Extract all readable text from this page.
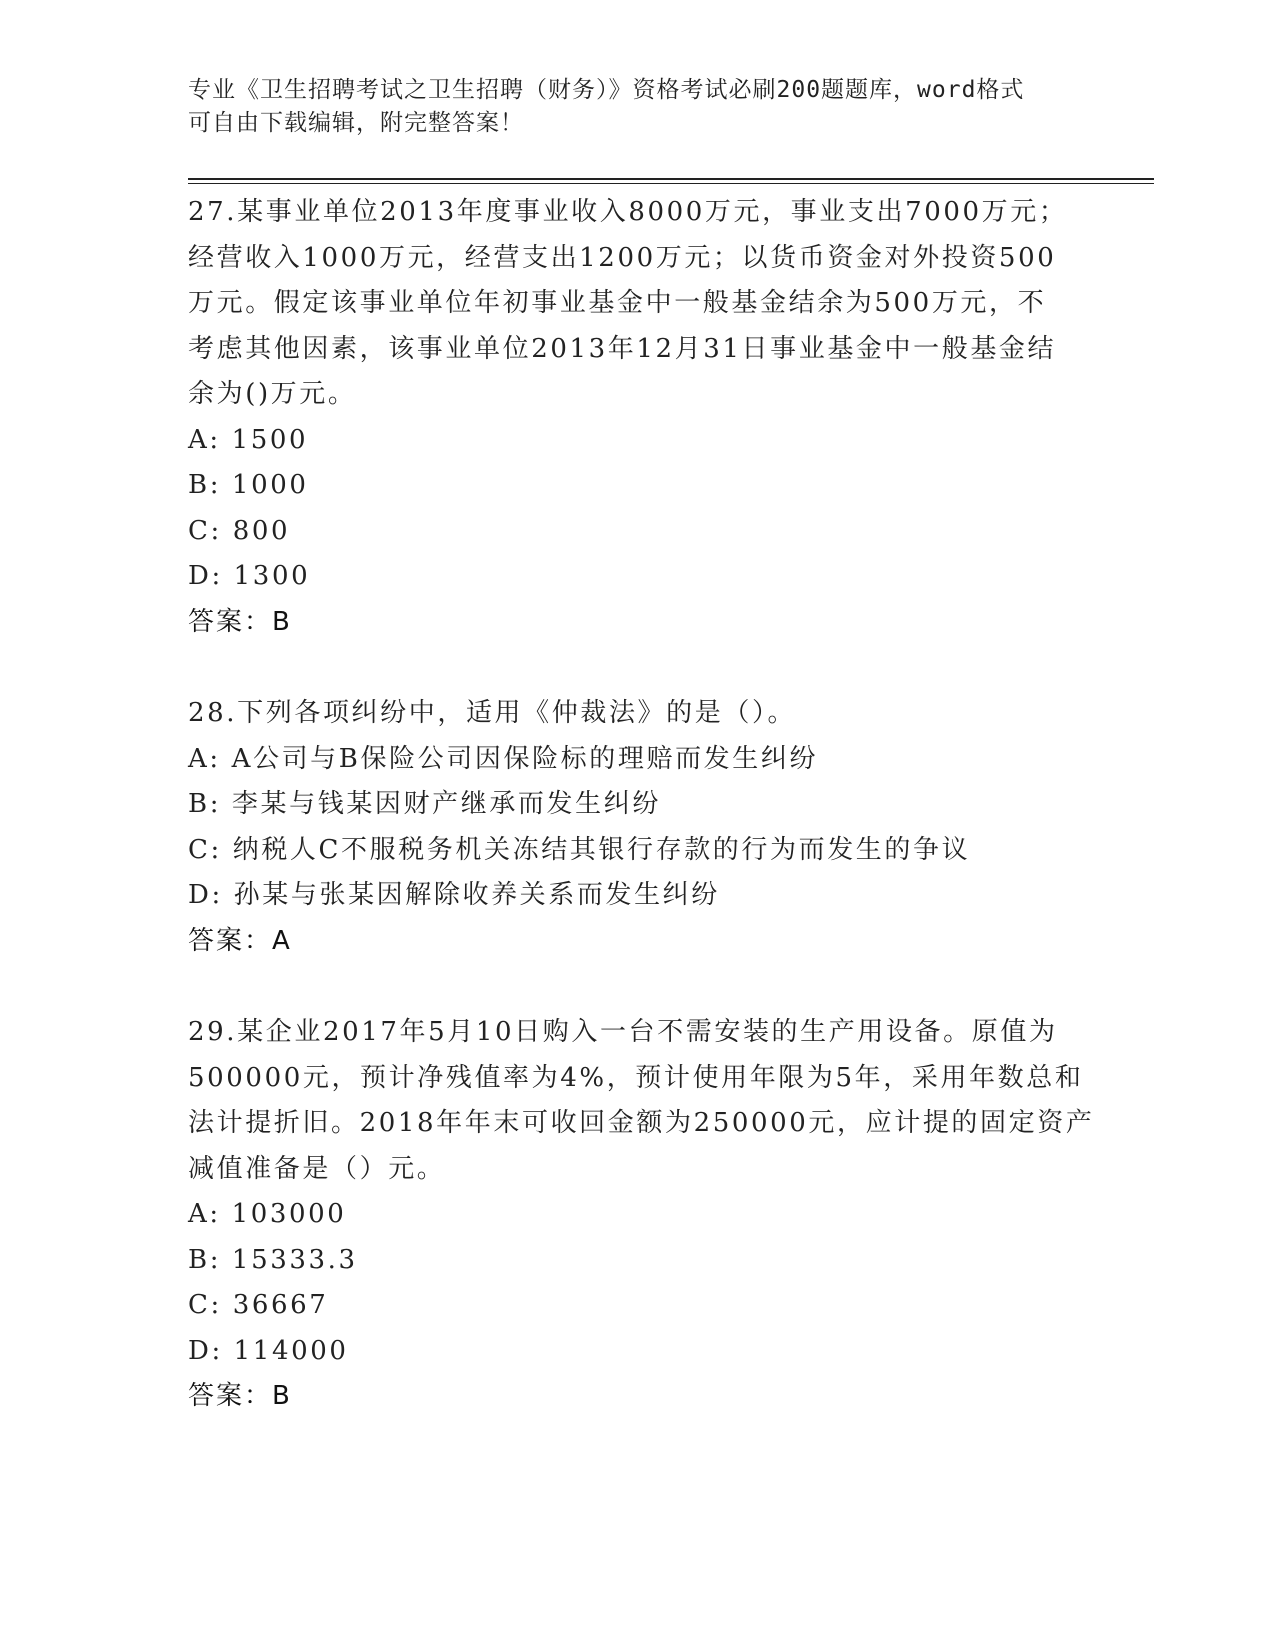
专业《卫生招聘考试之卫生招聘（财务）》资格考试必刷200题题库，word格式
可自由下载编辑，附完整答案！
27.某事业单位2013年度事业收入8000万元，事业支出7000万元；
经营收入1000万元，经营支出1200万元；以货币资金对外投资500
万元。假定该事业单位年初事业基金中一般基金结余为500万元，不
考虑其他因素，该事业单位2013年12月31日事业基金中一般基金结
余为()万元。
A: 1500
B: 1000
C: 800
D: 1300
答案：B
28.下列各项纠纷中，适用《仲裁法》的是（）。
A: A公司与B保险公司因保险标的理赔而发生纠纷
B: 李某与钱某因财产继承而发生纠纷
C: 纳税人C不服税务机关冻结其银行存款的行为而发生的争议
D: 孙某与张某因解除收养关系而发生纠纷
答案：A
29.某企业2017年5月10日购入一台不需安装的生产用设备。原值为
500000元，预计净残值率为4%，预计使用年限为5年，采用年数总和
法计提折旧。2018年年末可收回金额为250000元，应计提的固定资产
减值准备是（）元。
A: 103000
B: 15333.3
C: 36667
D: 114000
答案：B
